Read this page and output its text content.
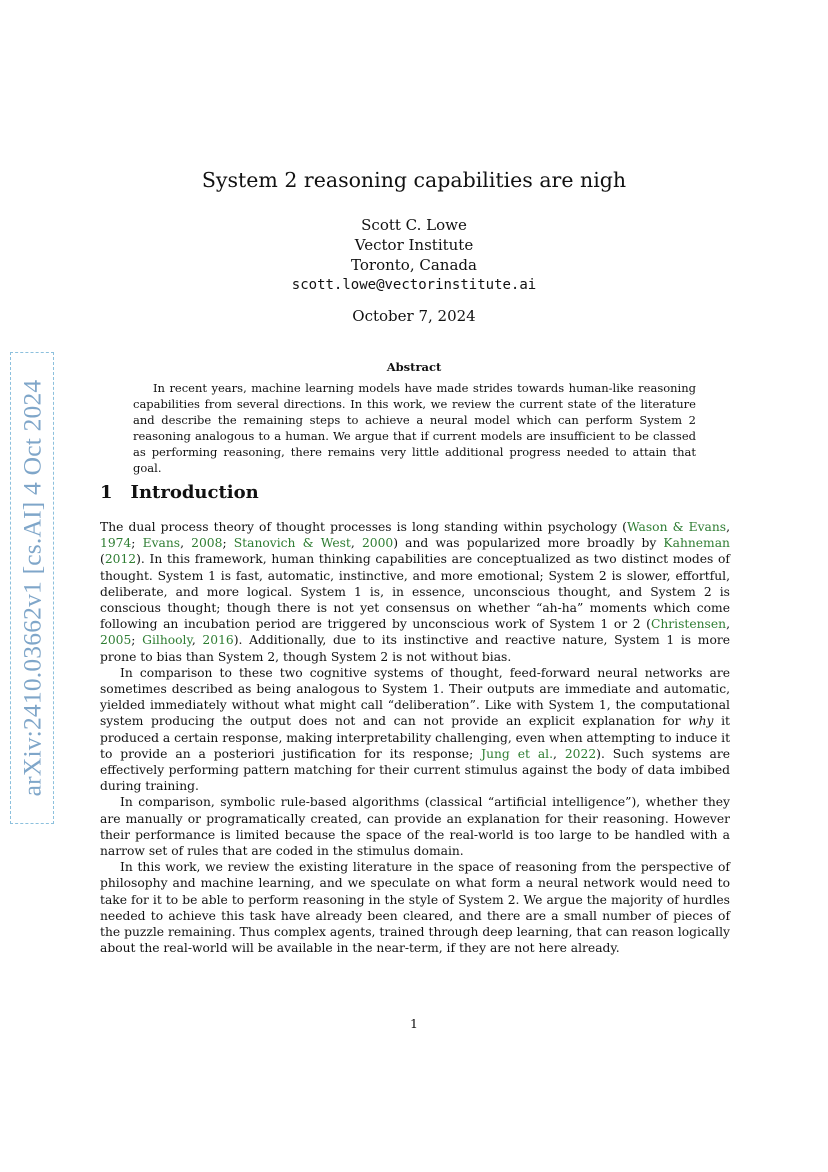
arXiv:2410.03662v1 [cs.AI] 4 Oct 2024
System 2 reasoning capabilities are nigh
Scott C. Lowe
Vector Institute
Toronto, Canada
scott.lowe@vectorinstitute.ai
October 7, 2024
Abstract

In recent years, machine learning models have made strides towards human-like reasoning capabilities from several directions. In this work, we review the current state of the literature and describe the remaining steps to achieve a neural model which can perform System 2 reasoning analogous to a human. We argue that if current models are insufficient to be classed as performing reasoning, there remains very little additional progress needed to attain that goal.

1 Introduction

The dual process theory of thought processes is long standing within psychology (Wason & Evans, 1974; Evans, 2008; Stanovich & West, 2000) and was popularized more broadly by Kahneman (2012). In this framework, human thinking capabilities are conceptualized as two distinct modes of thought. System 1 is fast, automatic, instinctive, and more emotional; System 2 is slower, effortful, deliberate, and more logical. System 1 is, in essence, unconscious thought, and System 2 is conscious thought; though there is not yet consensus on whether “ah-ha” moments which come following an incubation period are triggered by unconscious work of System 1 or 2 (Christensen, 2005; Gilhooly, 2016). Additionally, due to its instinctive and reactive nature, System 1 is more prone to bias than System 2, though System 2 is not without bias.

In comparison to these two cognitive systems of thought, feed-forward neural networks are sometimes described as being analogous to System 1. Their outputs are immediate and automatic, yielded immediately without what might call “deliberation”. Like with System 1, the computational system producing the output does not and can not provide an explicit explanation for why it produced a certain response, making interpretability challenging, even when attempting to induce it to provide an a posteriori justification for its response; Jung et al., 2022). Such systems are effectively performing pattern matching for their current stimulus against the body of data imbibed during training.

In comparison, symbolic rule-based algorithms (classical “artificial intelligence”), whether they are manually or programatically created, can provide an explanation for their reasoning. However their performance is limited because the space of the real-world is too large to be handled with a narrow set of rules that are coded in the stimulus domain.

In this work, we review the existing literature in the space of reasoning from the perspective of philosophy and machine learning, and we speculate on what form a neural network would need to take for it to be able to perform reasoning in the style of System 2. We argue the majority of hurdles needed to achieve this task have already been cleared, and there are a small number of pieces of the puzzle remaining. Thus complex agents, trained through deep learning, that can reason logically about the real-world will be available in the near-term, if they are not here already.

1
